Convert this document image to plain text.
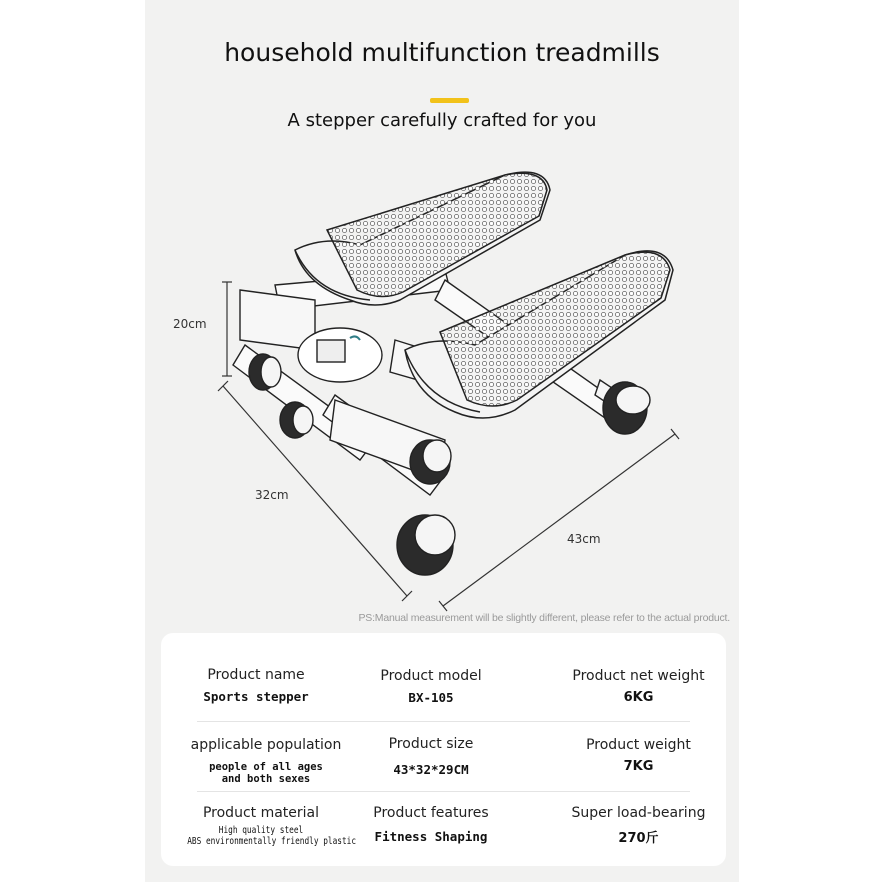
household multifunction treadmills
A stepper carefully crafted for you
20cm
32cm
43cm
PS:Manual measurement will be slightly different, please refer to the actual product.
Product name
Sports stepper
Product model
BX-105
Product net weight
6KG
applicable population
people of all ages
and both sexes
Product size
43*32*29CM
Product weight
7KG
Product material
High quality steel
ABS environmentally friendly plastic
Product features
Fitness Shaping
Super load-bearing
270斤
